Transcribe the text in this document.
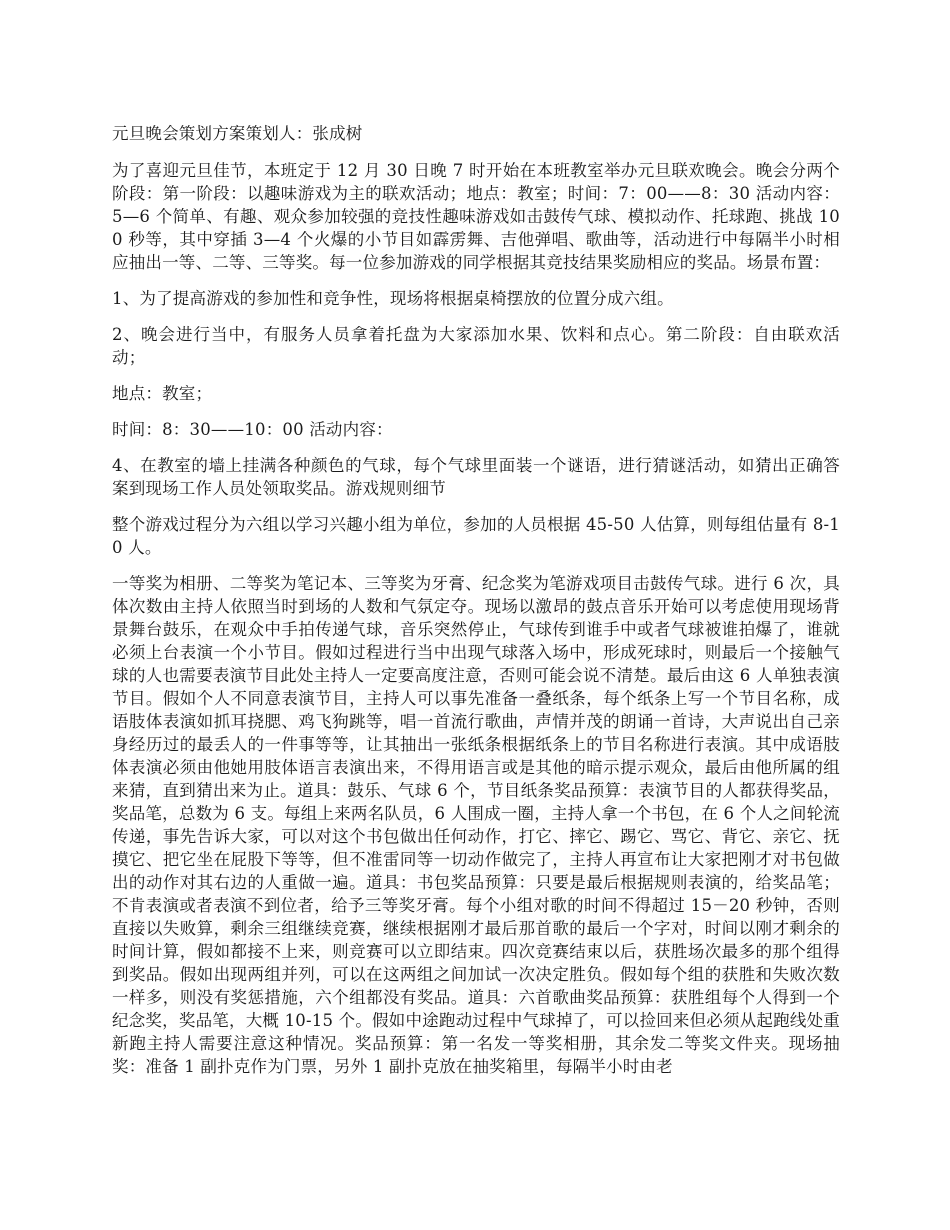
元旦晚会策划方案策划人：张成树

为了喜迎元旦佳节，本班定于 12 月 30 日晚 7 时开始在本班教室举办元旦联欢晚会。晚会分两个阶段：第一阶段：以趣味游戏为主的联欢活动；地点：教室；时间：7：00——8：30 活动内容：5—6 个简单、有趣、观众参加较强的竞技性趣味游戏如击鼓传气球、模拟动作、托球跑、挑战 100 秒等，其中穿插 3—4 个火爆的小节目如霹雳舞、吉他弹唱、歌曲等，活动进行中每隔半小时相应抽出一等、二等、三等奖。每一位参加游戏的同学根据其竞技结果奖励相应的奖品。场景布置：

1、为了提高游戏的参加性和竞争性，现场将根据桌椅摆放的位置分成六组。

2、晚会进行当中，有服务人员拿着托盘为大家添加水果、饮料和点心。第二阶段：自由联欢活动；

地点：教室；

时间：8：30——10：00 活动内容：

4、在教室的墙上挂满各种颜色的气球，每个气球里面装一个谜语，进行猜谜活动，如猜出正确答案到现场工作人员处领取奖品。游戏规则细节

整个游戏过程分为六组以学习兴趣小组为单位，参加的人员根据 45-50 人估算，则每组估量有 8-10 人。

一等奖为相册、二等奖为笔记本、三等奖为牙膏、纪念奖为笔游戏项目击鼓传气球。进行 6 次，具体次数由主持人依照当时到场的人数和气氛定夺。现场以激昂的鼓点音乐开始可以考虑使用现场背景舞台鼓乐，在观众中手拍传递气球，音乐突然停止，气球传到谁手中或者气球被谁拍爆了，谁就必须上台表演一个小节目。假如过程进行当中出现气球落入场中，形成死球时，则最后一个接触气球的人也需要表演节目此处主持人一定要高度注意，否则可能会说不清楚。最后由这 6 人单独表演节目。假如个人不同意表演节目，主持人可以事先准备一叠纸条，每个纸条上写一个节目名称，成语肢体表演如抓耳挠腮、鸡飞狗跳等，唱一首流行歌曲，声情并茂的朗诵一首诗，大声说出自己亲身经历过的最丢人的一件事等等，让其抽出一张纸条根据纸条上的节目名称进行表演。其中成语肢体表演必须由他她用肢体语言表演出来，不得用语言或是其他的暗示提示观众，最后由他所属的组来猜，直到猜出来为止。道具：鼓乐、气球 6 个，节目纸条奖品预算：表演节目的人都获得奖品，奖品笔，总数为 6 支。每组上来两名队员，6 人围成一圈，主持人拿一个书包，在 6 个人之间轮流传递，事先告诉大家，可以对这个书包做出任何动作，打它、摔它、踢它、骂它、背它、亲它、抚摸它、把它坐在屁股下等等，但不准雷同等一切动作做完了，主持人再宣布让大家把刚才对书包做出的动作对其右边的人重做一遍。道具：书包奖品预算：只要是最后根据规则表演的，给奖品笔；不肯表演或者表演不到位者，给予三等奖牙膏。每个小组对歌的时间不得超过 15－20 秒钟，否则直接以失败算，剩余三组继续竞赛，继续根据刚才最后那首歌的最后一个字对，时间以刚才剩余的时间计算，假如都接不上来，则竞赛可以立即结束。四次竞赛结束以后，获胜场次最多的那个组得到奖品。假如出现两组并列，可以在这两组之间加试一次决定胜负。假如每个组的获胜和失败次数一样多，则没有奖惩措施，六个组都没有奖品。道具：六首歌曲奖品预算：获胜组每个人得到一个纪念奖，奖品笔，大概 10-15 个。假如中途跑动过程中气球掉了，可以捡回来但必须从起跑线处重新跑主持人需要注意这种情况。奖品预算：第一名发一等奖相册，其余发二等奖文件夹。现场抽奖：准备 1 副扑克作为门票，另外 1 副扑克放在抽奖箱里，每隔半小时由老
